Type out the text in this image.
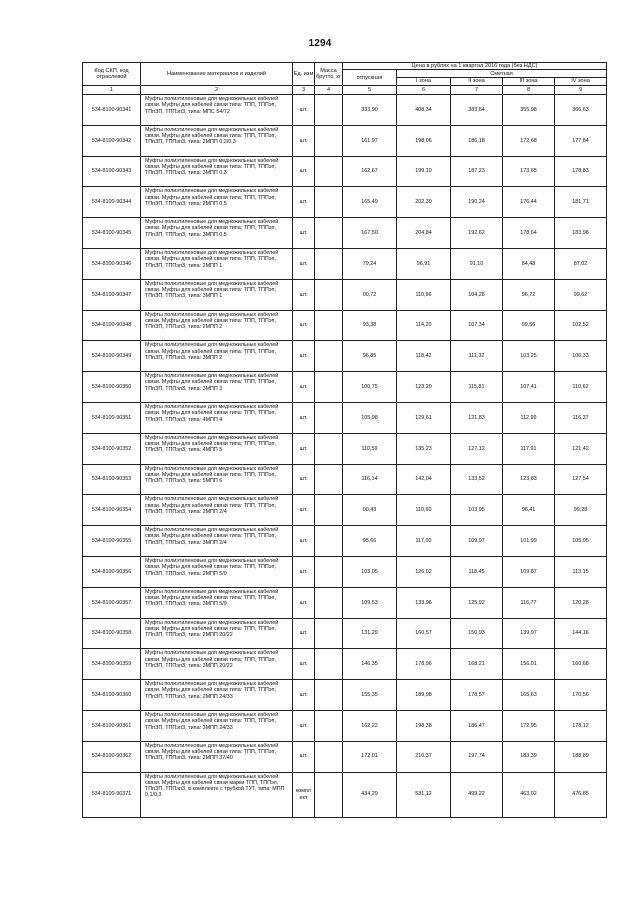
1294
Код СКП, код отраслевой	Наименование материалов и изделий	Ед. изм	Масса брутто, кг	Цена в рублях на 1 квартал 2016 года (без НДС)				
				отпускная	Сметная			
					I зона	II зона	III зона	IV зона
1	2	3	4	5	6	7	8	9
534-8100-90341	Муфты полиэтиленовые для медножильных кабелей связи. Муфты для кабелей связи типа: ТПП, ТППэп, ТПпЗП, ТППэпЗ, типа: МПС 54/72	шт.		333,90	408,34	383,64	355,98	366,63
534-8100-90342	Муфты полиэтиленовые для медножильных кабелей связи. Муфты для кабелей связи типа: ТПП, ТППэп, ТПпЗП, ТППэпЗ, типа: 2МПП 0,2/0,3	шт.		161,97	198,06	186,18	172,68	177,84
534-8100-90343	Муфты полиэтиленовые для медножильных кабелей связи. Муфты для кабелей связи типа: ТПП, ТППэп, ТПпЗП, ТППэпЗ, типа: 3МПП 0,3	шт.		162,67	199,19	187,23	173,65	178,83
534-8100-90344	Муфты полиэтиленовые для медножильных кабелей связи. Муфты для кабелей связи типа: ТПП, ТППэп, ТПпЗП, ТППэпЗ, типа: 2МПП 0,5	шт.		165,49	202,39	190,24	176,44	181,71
534-8100-90345	Муфты полиэтиленовые для медножильных кабелей связи. Муфты для кабелей связи типа: ТПП, ТППэп, ТПпЗП, ТППэпЗ, типа: 3МПП 0,5	шт.		167,50	204,84	192,62	178,64	183,98
534-8100-90346	Муфты полиэтиленовые для медножильных кабелей связи. Муфты для кабелей связи типа: ТПП, ТППэп, ТПпЗП, ТППэпЗ, типа: 2МПП 1	шт.		79,24	96,91	91,10	84,48	87,02
534-8100-90347	Муфты полиэтиленовые для медножильных кабелей связи. Муфты для кабелей связи типа: ТПП, ТППэп, ТПпЗП, ТППэпЗ, типа: 3МПП 1	шт.		90,72	110,96	104,28	96,72	99,62
534-8100-90348	Муфты полиэтиленовые для медножильных кабелей связи. Муфты для кабелей связи типа: ТПП, ТППэп, ТПпЗП, ТППэпЗ, типа: 2МПП 2	шт.		93,38	114,20	107,34	99,56	102,52
534-8100-90349	Муфты полиэтиленовые для медножильных кабелей связи. Муфты для кабелей связи типа: ТПП, ТППэп, ТПпЗП, ТППэпЗ, типа: 3МПП 2	шт.		96,85	118,42	111,32	103,25	106,33
534-8100-90350	Муфты полиэтиленовые для медножильных кабелей связи. Муфты для кабелей связи типа: ТПП, ТППэп, ТПпЗП, ТППэпЗ, типа: 3МПП 3	шт.		100,75	123,20	115,81	107,41	110,62
534-8100-90351	Муфты полиэтиленовые для медножильных кабелей связи. Муфты для кабелей связи типа: ТПП, ТППэп, ТПпЗП, ТППэпЗ, типа: 4МПП 4	шт.		105,98	129,61	121,83	112,99	116,37
534-8100-90352	Муфты полиэтиленовые для медножильных кабелей связи. Муфты для кабелей связи типа: ТПП, ТППэп, ТПпЗП, ТППэпЗ, типа: 4МПП 5	шт.		110,59	135,23	127,12	117,91	121,42
534-8100-90353	Муфты полиэтиленовые для медножильных кабелей связи. Муфты для кабелей связи типа: ТПП, ТППэп, ТПпЗП, ТППэпЗ, типа: 5МПП 6	шт.		116,14	142,04	133,52	123,83	127,54
534-8100-90354	Муфты полиэтиленовые для медножильных кабелей связи. Муфты для кабелей связи типа: ТПП, ТППэп, ТПпЗП, ТППэпЗ, типа: 2МПП 2/4	шт.		90,43	110,60	103,95	96,41	99,28
534-8100-90355	Муфты полиэтиленовые для медножильных кабелей связи. Муфты для кабелей связи типа: ТПП, ТППэп, ТПпЗП, ТППэпЗ, типа: 3МПП 2/4	шт.		95,66	117,00	109,97	101,99	105,05
534-8100-90356	Муфты полиэтиленовые для медножильных кабелей связи. Муфты для кабелей связи типа: ТПП, ТППэп, ТПпЗП, ТППэпЗ, типа: 2МПП 5/9	шт.		103,05	126,02	118,45	109,87	113,15
534-8100-90357	Муфты полиэтиленовые для медножильных кабелей связи. Муфты для кабелей связи типа: ТПП, ТППэп, ТПпЗП, ТППэпЗ, типа: 3МПП 5/9	шт.		109,53	133,96	125,92	116,77	120,28
534-8100-90358	Муфты полиэтиленовые для медножильных кабелей связи. Муфты для кабелей связи типа: ТПП, ТППэп, ТПпЗП, ТППэпЗ, типа: 2МПП 20/22	шт.		131,29	160,57	150,93	139,97	144,16
534-8100-90359	Муфты полиэтиленовые для медножильных кабелей связи. Муфты для кабелей связи типа: ТПП, ТППэп, ТПпЗП, ТППэпЗ, типа: 3МПП 20/22	шт.		146,35	178,96	168,21	156,01	160,68
534-8100-90360	Муфты полиэтиленовые для медножильных кабелей связи. Муфты для кабелей связи типа: ТПП, ТППэп, ТПпЗП, ТППэпЗ, типа: 2МПП 24/33	шт.		155,35	189,98	178,57	165,63	170,56
534-8100-90361	Муфты полиэтиленовые для медножильных кабелей связи. Муфты для кабелей связи типа: ТПП, ТППэп, ТПпЗП, ТППэпЗ, типа: 3МПП 24/33	шт.		162,22	198,38	186,47	172,95	178,12
534-8100-90362	Муфты полиэтиленовые для медножильных кабелей связи. Муфты для кабелей связи типа: ТПП, ТППэп, ТПпЗП, ТППэпЗ, типа: 2МПП 37/40	шт.		172,01	210,37	197,74	183,39	188,89
534-8100-90371	Муфты полиэтиленовые для медножильных кабелей связи. Муфты для кабелей связи марки ТПП, ТППэп, ТПпЗП, ТППэпЗ, в комплекте с трубкой ТУТ, типа: МПП 0,1/0,3	компл ект		434,29	531,12	499,22	463,02	476,85
